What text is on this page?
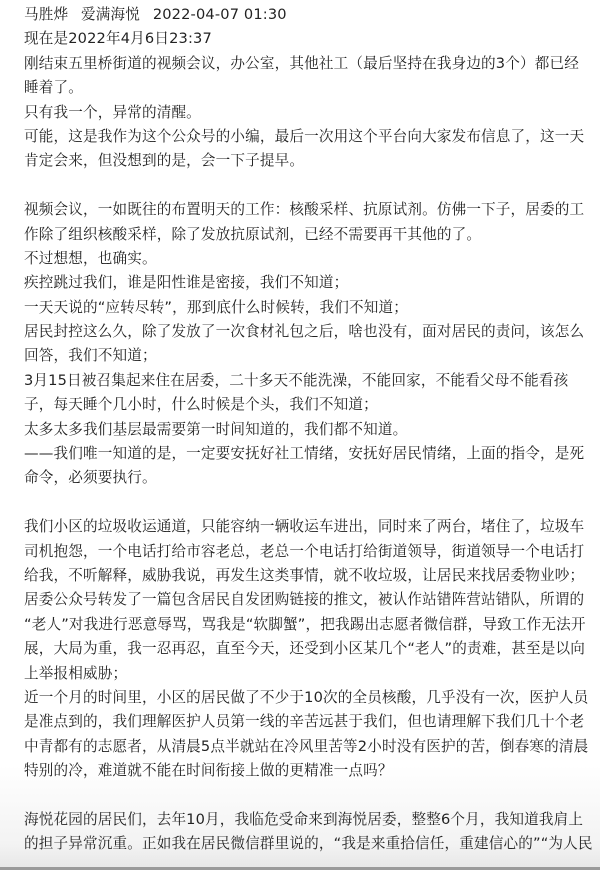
马胜烨 爱满海悦 2022-04-07 01:30
现在是2022年4月6日23:37
刚结束五里桥街道的视频会议，办公室，其他社工（最后坚持在我身边的3个）都已经
睡着了。
只有我一个，异常的清醒。
可能，这是我作为这个公众号的小编，最后一次用这个平台向大家发布信息了，这一天
肯定会来，但没想到的是，会一下子提早。
视频会议，一如既往的布置明天的工作：核酸采样、抗原试剂。仿佛一下子，居委的工
作除了组织核酸采样，除了发放抗原试剂，已经不需要再干其他的了。
不过想想，也确实。
疾控跳过我们，谁是阳性谁是密接，我们不知道；
一天天说的“应转尽转”，那到底什么时候转，我们不知道；
居民封控这么久，除了发放了一次食材礼包之后，啥也没有，面对居民的责问，该怎么
回答，我们不知道；
3月15日被召集起来住在居委，二十多天不能洗澡，不能回家，不能看父母不能看孩
子，每天睡个几小时，什么时候是个头，我们不知道；
太多太多我们基层最需要第一时间知道的，我们都不知道。
——我们唯一知道的是，一定要安抚好社工情绪，安抚好居民情绪，上面的指令，是死
命令，必须要执行。
我们小区的垃圾收运通道，只能容纳一辆收运车进出，同时来了两台，堵住了，垃圾车
司机抱怨，一个电话打给市容老总，老总一个电话打给街道领导，街道领导一个电话打
给我，不听解释，威胁我说，再发生这类事情，就不收垃圾，让居民来找居委物业吵；
居委公众号转发了一篇包含居民自发团购链接的推文，被认作站错阵营站错队，所谓的
“老人”对我进行恶意辱骂，骂我是“软脚蟹”，把我踢出志愿者微信群，导致工作无法开
展，大局为重，我一忍再忍，直至今天，还受到小区某几个“老人”的责难，甚至是以向
上举报相威胁；
近一个月的时间里，小区的居民做了不少于10次的全员核酸，几乎没有一次，医护人员
是准点到的，我们理解医护人员第一线的辛苦远甚于我们，但也请理解下我们几十个老
中青都有的志愿者，从清晨5点半就站在冷风里苦等2小时没有医护的苦，倒春寒的清晨
特别的冷，难道就不能在时间衔接上做的更精准一点吗？
海悦花园的居民们，去年10月，我临危受命来到海悦居委，整整6个月，我知道我肩上
的担子异常沉重。正如我在居民微信群里说的，“我是来重拾信任，重建信心的”“为人民
